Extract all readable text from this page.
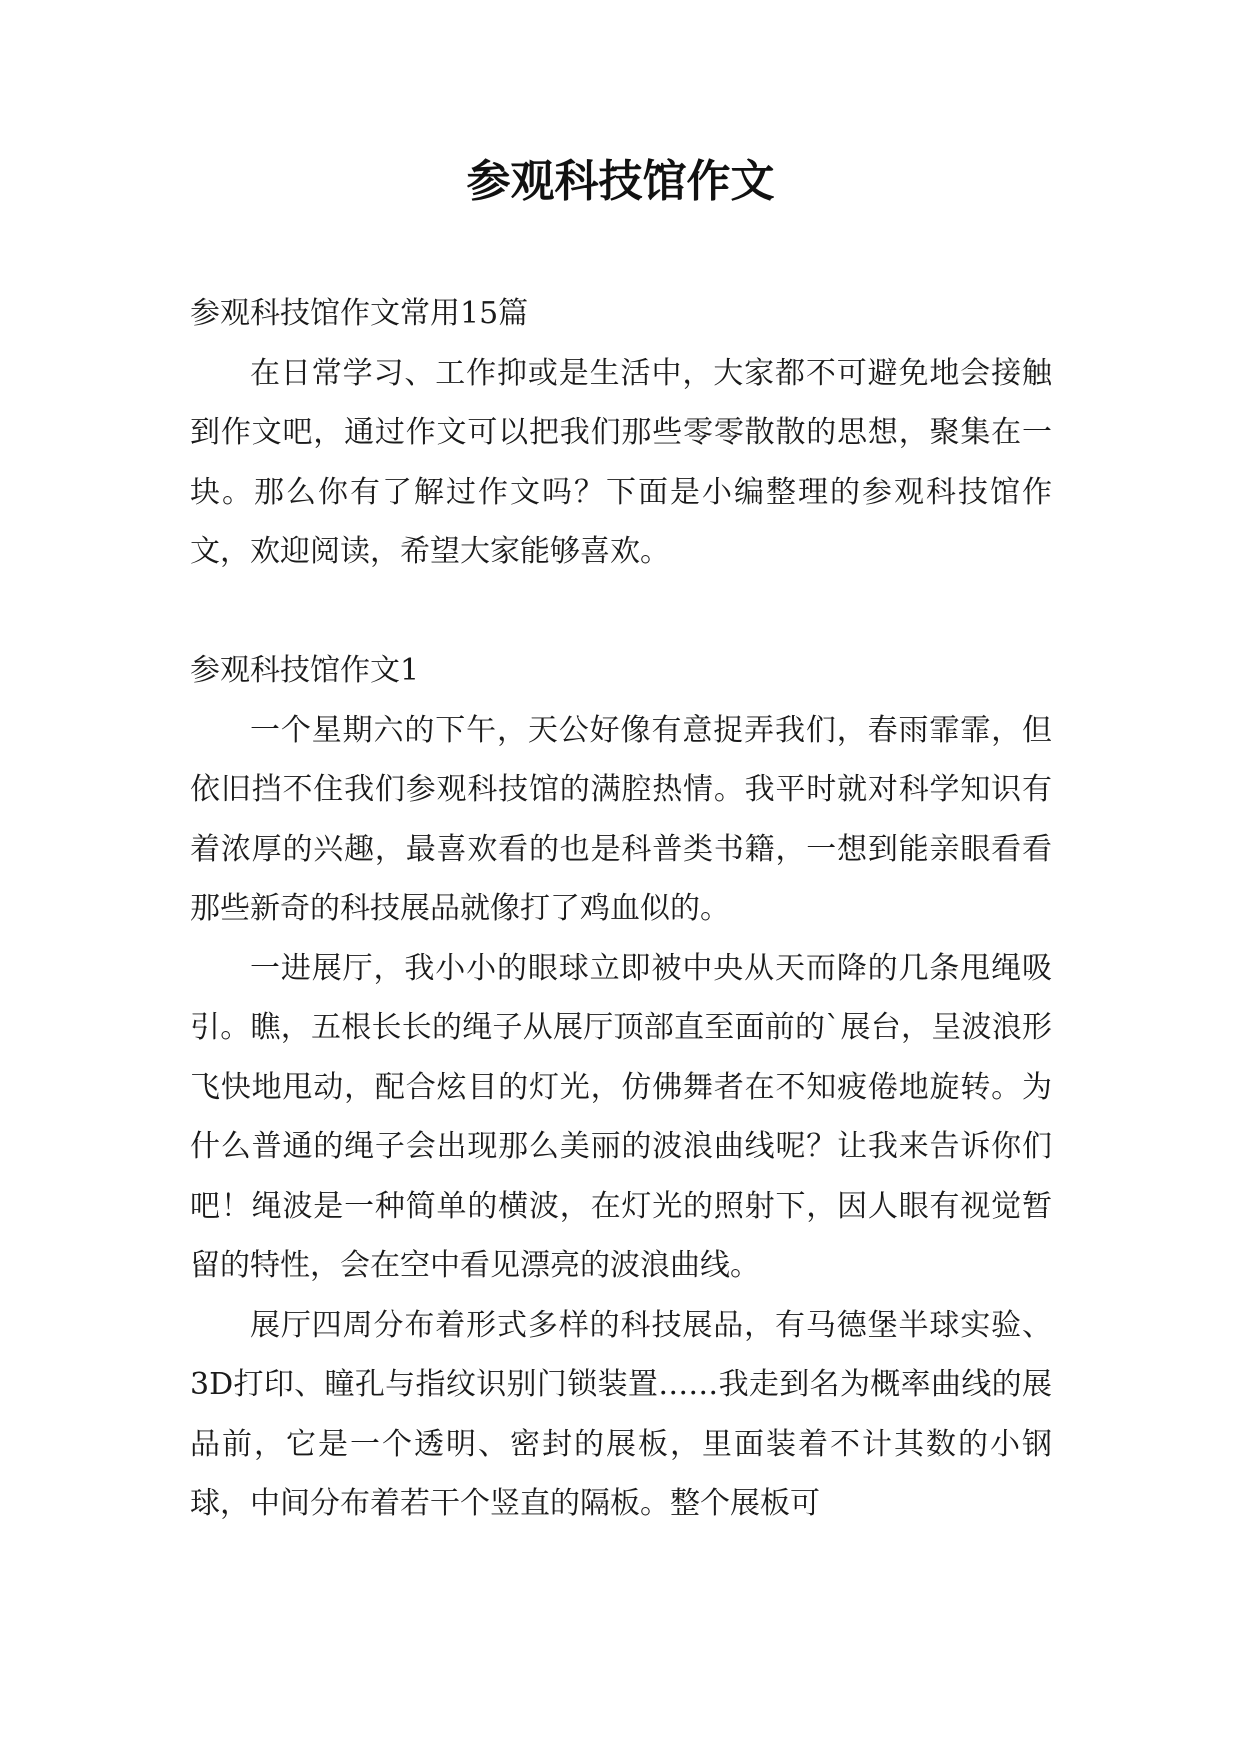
参观科技馆作文

参观科技馆作文常用15篇

在日常学习、工作抑或是生活中，大家都不可避免地会接触到作文吧，通过作文可以把我们那些零零散散的思想，聚集在一块。那么你有了解过作文吗？下面是小编整理的参观科技馆作文，欢迎阅读，希望大家能够喜欢。

参观科技馆作文1

一个星期六的下午，天公好像有意捉弄我们，春雨霏霏，但依旧挡不住我们参观科技馆的满腔热情。我平时就对科学知识有着浓厚的兴趣，最喜欢看的也是科普类书籍，一想到能亲眼看看那些新奇的科技展品就像打了鸡血似的。

一进展厅，我小小的眼球立即被中央从天而降的几条甩绳吸引。瞧，五根长长的绳子从展厅顶部直至面前的`展台，呈波浪形飞快地甩动，配合炫目的灯光，仿佛舞者在不知疲倦地旋转。为什么普通的绳子会出现那么美丽的波浪曲线呢？让我来告诉你们吧！绳波是一种简单的横波，在灯光的照射下，因人眼有视觉暂留的特性，会在空中看见漂亮的波浪曲线。

展厅四周分布着形式多样的科技展品，有马德堡半球实验、3D打印、瞳孔与指纹识别门锁装置……我走到名为概率曲线的展品前，它是一个透明、密封的展板，里面装着不计其数的小钢球，中间分布着若干个竖直的隔板。整个展板可
